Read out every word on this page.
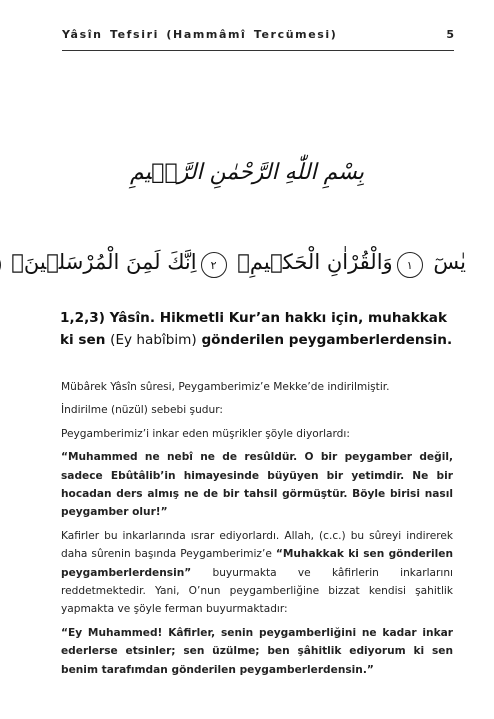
Yâsîn Tefsiri (Hammâmî Tercümesi)	5
بِسْمِ اللّٰهِ الرَّحْمٰنِ الرَّح۪يمِ
يٰسٓ ١
وَالْقُرْاٰنِ الْحَك۪يمِۙ ٢
اِنَّكَ لَمِنَ الْمُرْسَل۪ينَۙ
1,2,3) Yâsîn. Hikmetli Kur’an hakkı için, muhakkak ki sen (Ey habîbim) gönderilen peygamberlerdensin.

Mübârek Yâsîn sûresi, Peygamberimiz’e Mekke’de indirilmiştir.

İndirilme (nüzül) sebebi şudur:

Peygamberimiz’i inkar eden müşrikler şöyle diyorlardı:

“Muhammed ne nebî ne de resûldür. O bir peygamber değil, sadece Ebûtâlib’in himayesinde büyüyen bir yetimdir. Ne bir hocadan ders almış ne de bir tahsil görmüştür. Böyle birisi nasıl peygamber olur!”

Kafirler bu inkarlarında ısrar ediyorlardı. Allah, (c.c.) bu sûreyi indirerek daha sûrenin başında Peygamberimiz’e “Muhakkak ki sen gönderilen peygamberlerdensin” buyurmakta ve kâfirlerin inkarlarını reddetmektedir. Yani, O’nun peygamberliğine bizzat kendisi şahitlik yapmakta ve şöyle ferman buyurmaktadır:

“Ey Muhammed! Kâfirler, senin peygamberliğini ne kadar inkar ederlerse etsinler; sen üzülme; ben şâhitlik ediyorum ki sen benim tarafımdan gönderilen peygamberlerdensin.”
